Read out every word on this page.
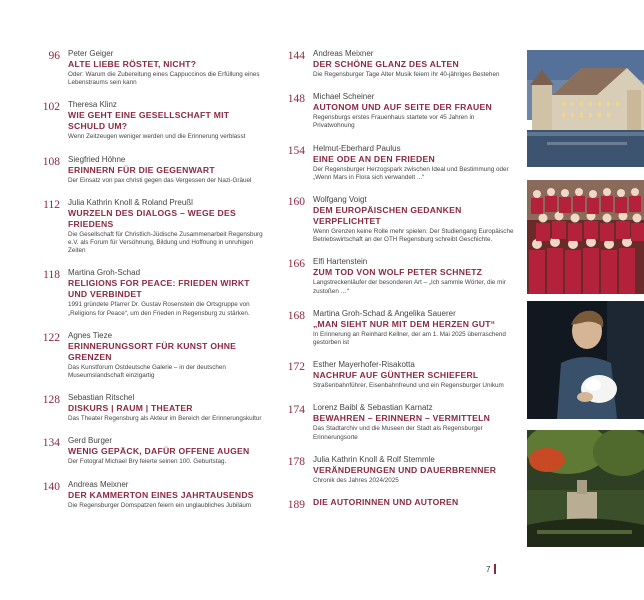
96 Peter Geiger
ALTE LIEBE RÖSTET, NICHT?
Oder: Warum die Zubereitung eines Cappuccinos die Erfüllung eines Lebenstraums sein kann
102 Theresa Klinz
WIE GEHT EINE GESELLSCHAFT MIT SCHULD UM?
Wenn Zeitzeugen weniger werden und die Erinnerung verblasst
108 Siegfried Höhne
ERINNERN FÜR DIE GEGENWART
Der Einsatz von pax christi gegen das Vergessen der Nazi-Gräuel
112 Julia Kathrin Knoll & Roland Preußl
WURZELN DES DIALOGS – WEGE DES FRIEDENS
Die Gesellschaft für Christlich-Jüdische Zusammenarbeit Regensburg e.V. als Forum für Versöhnung, Bildung und Hoffnung in unruhigen Zeiten
118 Martina Groh-Schad
RELIGIONS FOR PEACE: FRIEDEN WIRKT UND VERBINDET
1991 gründete Pfarrer Dr. Gustav Rosenstein die Ortsgruppe von „Religions for Peace“, um den Frieden in Regensburg zu stärken.
122 Agnes Tieze
ERINNERUNGSORT FÜR KUNST OHNE GRENZEN
Das Kunstforum Ostdeutsche Galerie – in der deutschen Museumslandschaft einzigartig
128 Sebastian Ritschel
DISKURS | RAUM | THEATER
Das Theater Regensburg als Akteur im Bereich der Erinnerungskultur
134 Gerd Burger
WENIG GEPÄCK, DAFÜR OFFENE AUGEN
Der Fotograf Michael Bry feierte seinen 100. Geburtstag.
140 Andreas Meixner
DER KAMMERTON EINES JAHRTAUSENDS
Die Regensburger Domspatzen feiern ein unglaubliches Jubiläum
144 Andreas Meixner
DER SCHÖNE GLANZ DES ALTEN
Die Regensburger Tage Alter Musik feiern ihr 40-jähriges Bestehen
148 Michael Scheiner
AUTONOM UND AUF SEITE DER FRAUEN
Regensburgs erstes Frauenhaus startete vor 45 Jahren in Privatwohnung
154 Helmut-Eberhard Paulus
EINE ODE AN DEN FRIEDEN
Der Regensburger Herzogspark zwischen Ideal und Bestimmung oder „Wenn Mars in Flora sich verwandelt ...“
160 Wolfgang Voigt
DEM EUROPÄISCHEN GEDANKEN VERPFLICHTET
Wenn Grenzen keine Rolle mehr spielen: Der Studiengang Europäische Betriebswirtschaft an der OTH Regensburg schreibt Geschichte.
166 Elfi Hartenstein
ZUM TOD VON WOLF PETER SCHNETZ
Langstreckenläufer der besonderen Art – „Ich sammle Wörter, die mir zustoßen …“
168 Martina Groh-Schad & Angelika Sauerer
„MAN SIEHT NUR MIT DEM HERZEN GUT“
In Erinnerung an Reinhard Kellner, der am 1. Mai 2025 überraschend gestorben ist
172 Esther Mayerhofer-Risakotta
NACHRUF AUF GÜNTHER SCHIEFERL
Straßenbahnführer, Eisenbahnfreund und ein Regensburger Unikum
174 Lorenz Baibl & Sebastian Karnatz
BEWAHREN – ERINNERN – VERMITTELN
Das Stadtarchiv und die Museen der Stadt als Regensburger Erinnerungsorte
178 Julia Kathrin Knoll & Rolf Stemmle
VERÄNDERUNGEN UND DAUERBRENNER
Chronik des Jahres 2024/2025
189 DIE AUTORINNEN UND AUTOREN
7
